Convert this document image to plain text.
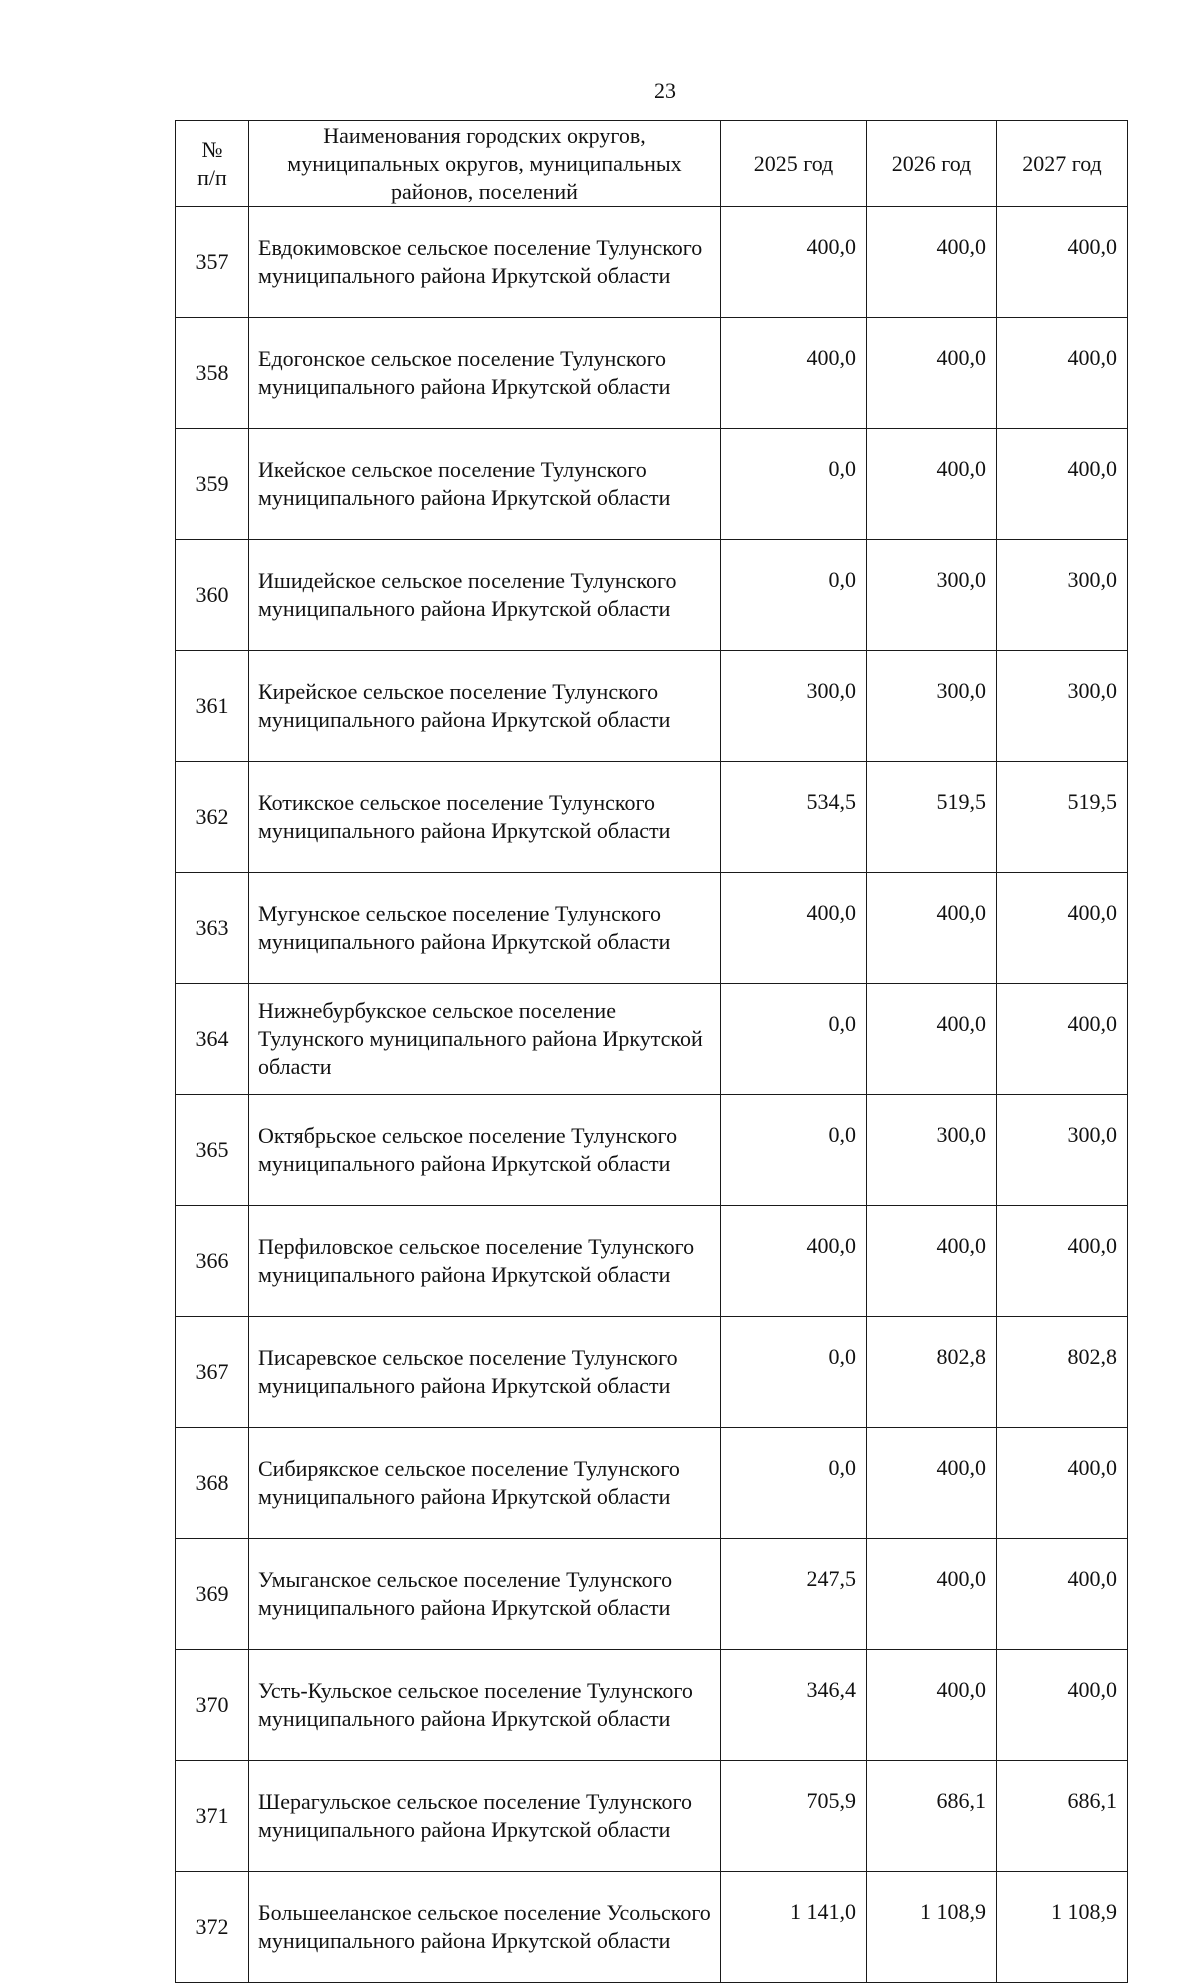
23
№ п/п	Наименования городских округов, муниципальных округов, муниципальных районов, поселений	2025 год	2026 год	2027 год
357	Евдокимовское сельское поселение Тулунского муниципального района Иркутской области	400,0	400,0	400,0
358	Едогонское сельское поселение Тулунского муниципального района Иркутской области	400,0	400,0	400,0
359	Икейское сельское поселение Тулунского муниципального района Иркутской области	0,0	400,0	400,0
360	Ишидейское сельское поселение Тулунского муниципального района Иркутской области	0,0	300,0	300,0
361	Кирейское сельское поселение Тулунского муниципального района Иркутской области	300,0	300,0	300,0
362	Котикское сельское поселение Тулунского муниципального района Иркутской области	534,5	519,5	519,5
363	Мугунское сельское поселение Тулунского муниципального района Иркутской области	400,0	400,0	400,0
364	Нижнебурбукское сельское поселение Тулунского муниципального района Иркутской области	0,0	400,0	400,0
365	Октябрьское сельское поселение Тулунского муниципального района Иркутской области	0,0	300,0	300,0
366	Перфиловское сельское поселение Тулунского муниципального района Иркутской области	400,0	400,0	400,0
367	Писаревское сельское поселение Тулунского муниципального района Иркутской области	0,0	802,8	802,8
368	Сибирякское сельское поселение Тулунского муниципального района Иркутской области	0,0	400,0	400,0
369	Умыганское сельское поселение Тулунского муниципального района Иркутской области	247,5	400,0	400,0
370	Усть-Кульское сельское поселение Тулунского муниципального района Иркутской области	346,4	400,0	400,0
371	Шерагульское сельское поселение Тулунского муниципального района Иркутской области	705,9	686,1	686,1
372	Большееланское сельское поселение Усольского муниципального района Иркутской области	1 141,0	1 108,9	1 108,9
